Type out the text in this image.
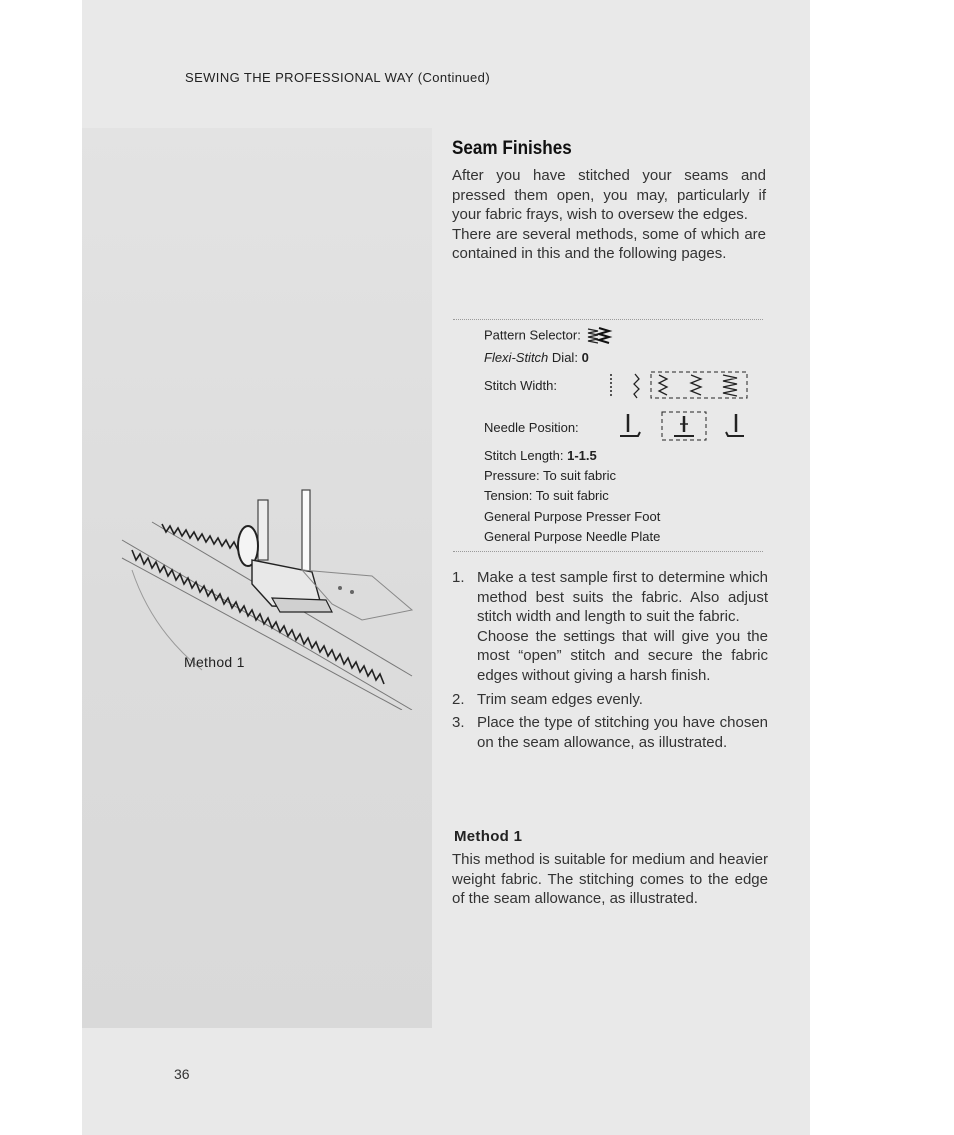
SEWING THE PROFESSIONAL WAY (Continued)
Seam Finishes

After you have stitched your seams and pressed them open, you may, particularly if your fabric frays, wish to oversew the edges.

There are several methods, some of which are contained in this and the following pages.

Pattern Selector:
Flexi-Stitch Dial: 0
Stitch Width:
Needle Position:
Stitch Length: 1-1.5
Pressure: To suit fabric
Tension: To suit fabric
General Purpose Presser Foot
General Purpose Needle Plate
1. Make a test sample first to determine which method best suits the fabric. Also adjust stitch width and length to suit the fabric.

Choose the settings that will give you the most “open” stitch and secure the fabric edges without giving a harsh finish.

2. Trim seam edges evenly.

3. Place the type of stitching you have chosen on the seam allowance, as illustrated.

Method 1
This method is suitable for medium and heavier weight fabric. The stitching comes to the edge of the seam allowance, as illustrated.
Method 1
36
